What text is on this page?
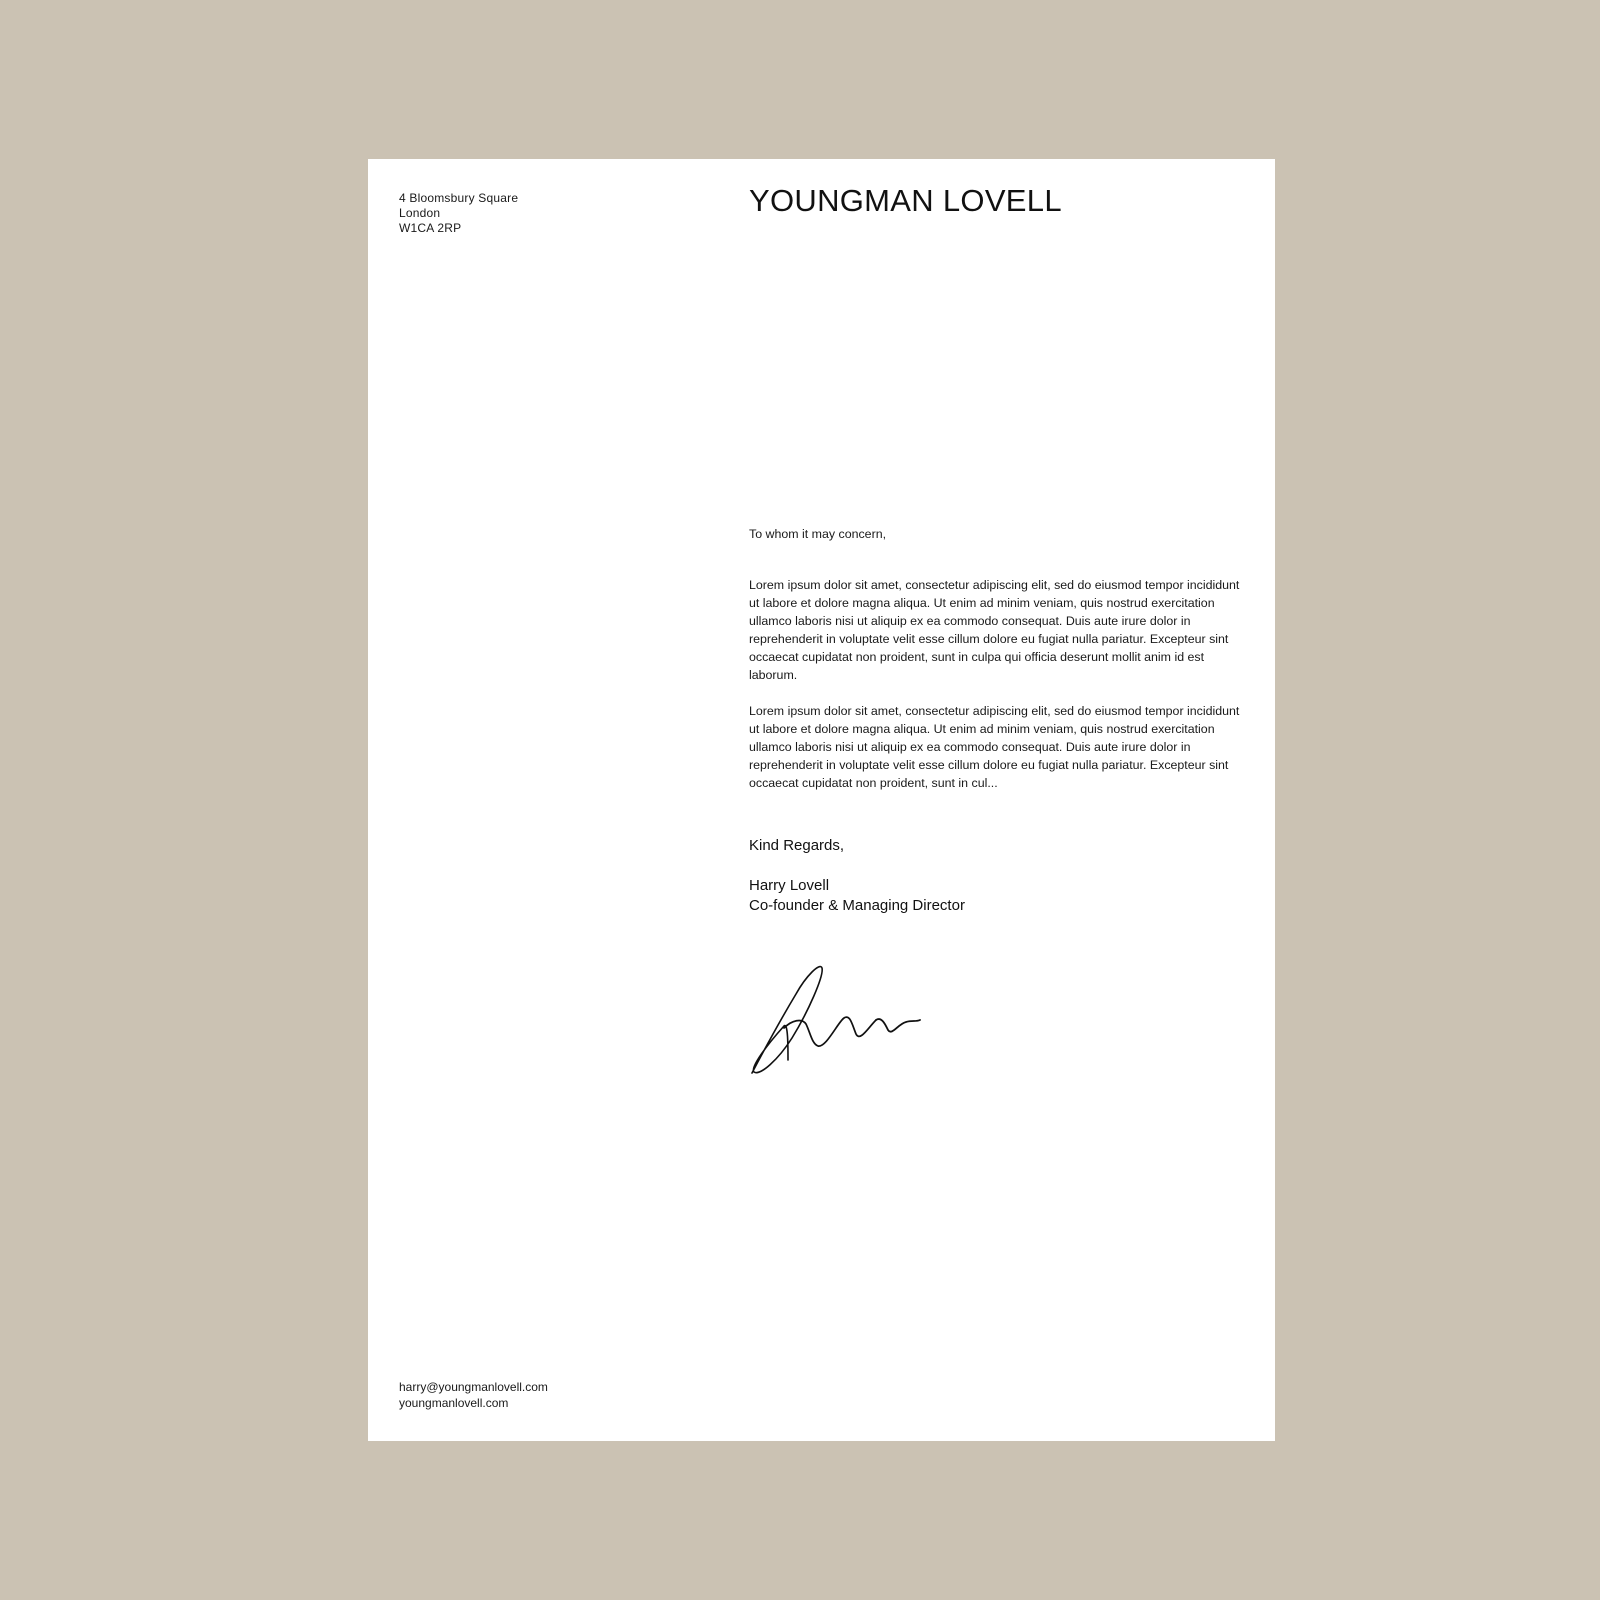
4 Bloomsbury Square
London
W1CA 2RP
YOUNGMAN LOVELL
To whom it may concern,

Lorem ipsum dolor sit amet, consectetur adipiscing elit, sed do eiusmod tempor incididunt ut labore et dolore magna aliqua. Ut enim ad minim veniam, quis nostrud exercitation ullamco laboris nisi ut aliquip ex ea commodo consequat. Duis aute irure dolor in reprehenderit in voluptate velit esse cillum dolore eu fugiat nulla pariatur. Excepteur sint occaecat cupidatat non proident, sunt in culpa qui officia deserunt mollit anim id est laborum.

Lorem ipsum dolor sit amet, consectetur adipiscing elit, sed do eiusmod tempor incididunt ut labore et dolore magna aliqua. Ut enim ad minim veniam, quis nostrud exercitation ullamco laboris nisi ut aliquip ex ea commodo consequat. Duis aute irure dolor in reprehenderit in voluptate velit esse cillum dolore eu fugiat nulla pariatur. Excepteur sint occaecat cupidatat non proident, sunt in cul...

Kind Regards,
Harry Lovell
Co-founder & Managing Director
harry@youngmanlovell.com
youngmanlovell.com
